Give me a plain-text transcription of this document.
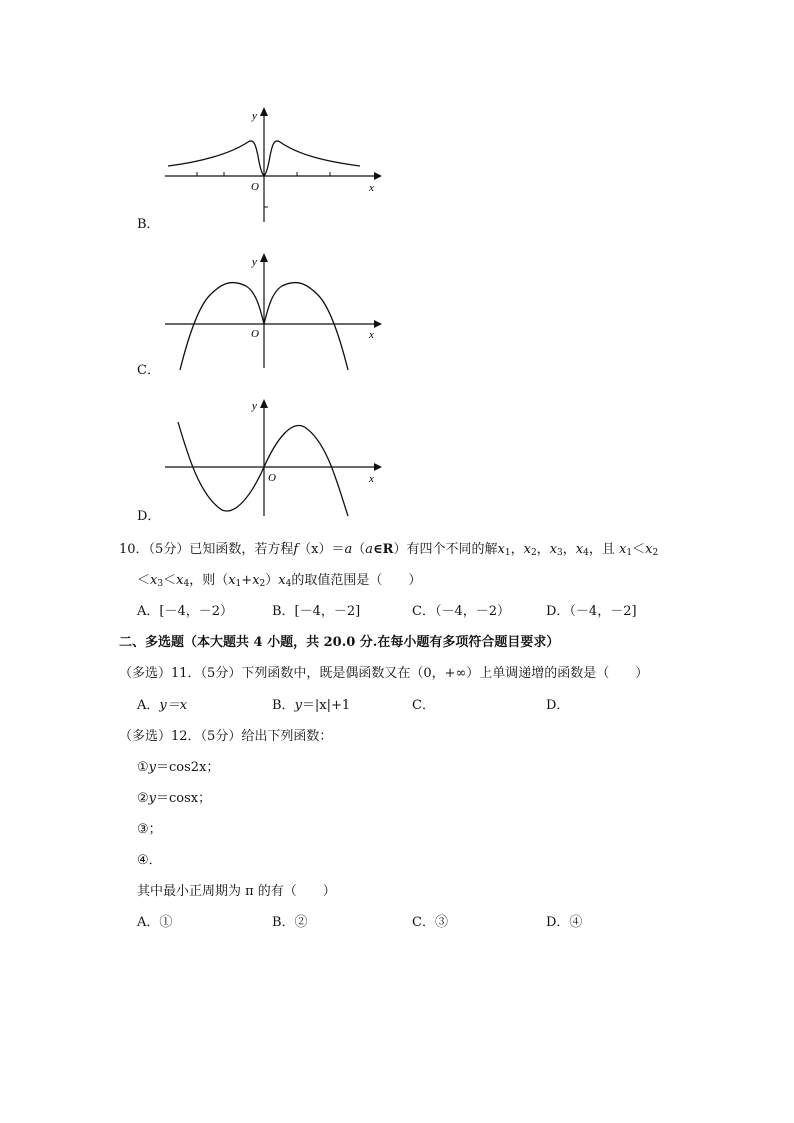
y
x
O
B．
y
x
O
C．
y
x
O
D．
10．（5分）已知函数，若方程f（x）＝a（a∈R）有四个不同的解$x_1$，$x_2$，$x_3$，$x_4$，且 $x_1<x_2$
$<x_3<x_4$，则$(x_1+x_2)x_4$的取值范围是（　　）
A．[－4，－2）	B．[－4，－2]	C．（－4，－2）	D．（－4，－2]
二、多选题（本大题共 4 小题，共 20.0 分.在每小题有多项符合题目要求）
（多选）11．（5分）下列函数中，既是偶函数又在（0，+∞）上单调递增的函数是（　　）
A．y＝x	B．y＝|x|+1	C．	D．
（多选）12．（5分）给出下列函数：
①y＝cos2x；
②y＝cosx；
③；
④．
其中最小正周期为 π 的有（　　）
A．①	B．②	C．③	D．④
